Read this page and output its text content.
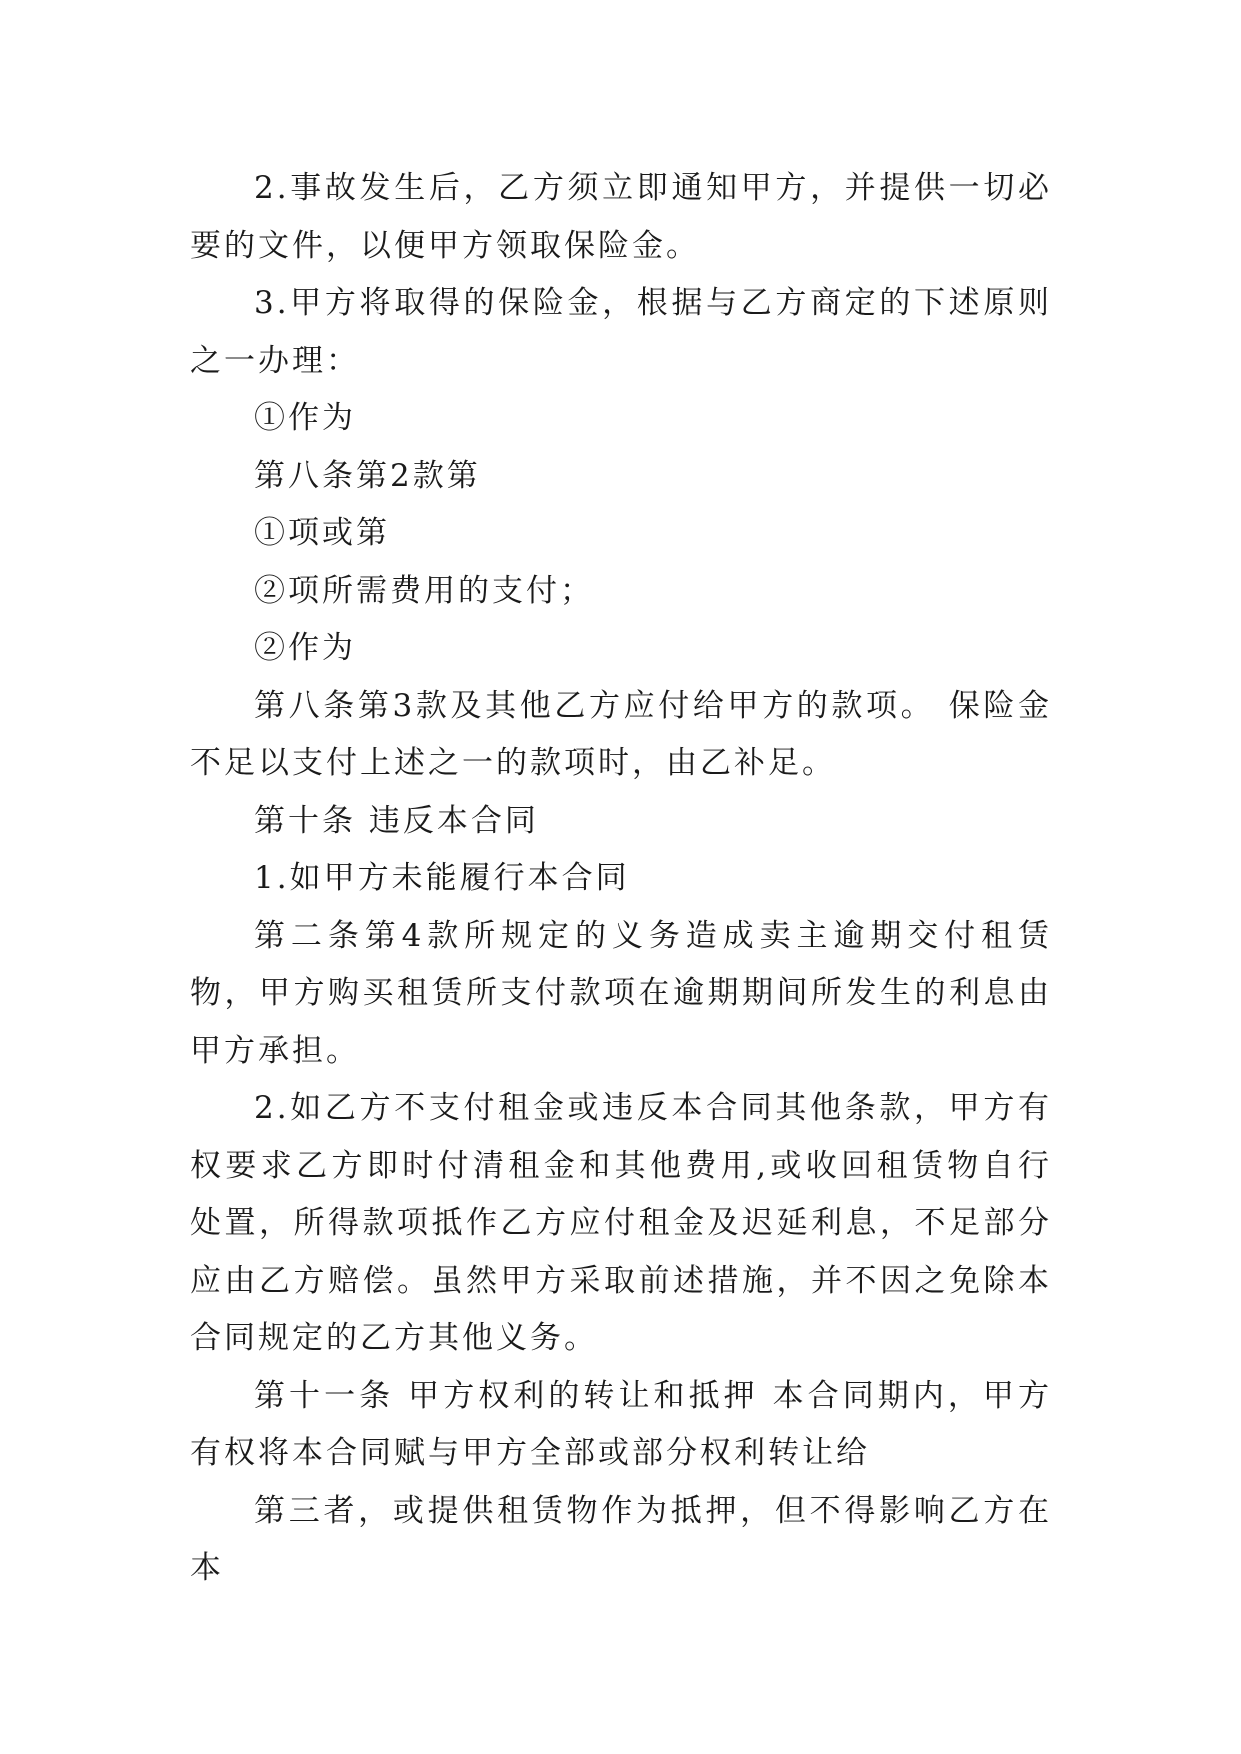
2.事故发生后，乙方须立即通知甲方，并提供一切必要的文件，以便甲方领取保险金。

3.甲方将取得的保险金，根据与乙方商定的下述原则之一办理：

①作为

第八条第2款第

①项或第

②项所需费用的支付；

②作为

第八条第3款及其他乙方应付给甲方的款项。 保险金不足以支付上述之一的款项时，由乙补足。

第十条 违反本合同

1.如甲方未能履行本合同

第二条第4款所规定的义务造成卖主逾期交付租赁物，甲方购买租赁所支付款项在逾期期间所发生的利息由甲方承担。

2.如乙方不支付租金或违反本合同其他条款，甲方有权要求乙方即时付清租金和其他费用,或收回租赁物自行处置，所得款项抵作乙方应付租金及迟延利息，不足部分应由乙方赔偿。虽然甲方采取前述措施，并不因之免除本合同规定的乙方其他义务。

第十一条 甲方权利的转让和抵押 本合同期内，甲方有权将本合同赋与甲方全部或部分权利转让给

第三者，或提供租赁物作为抵押，但不得影响乙方在本
